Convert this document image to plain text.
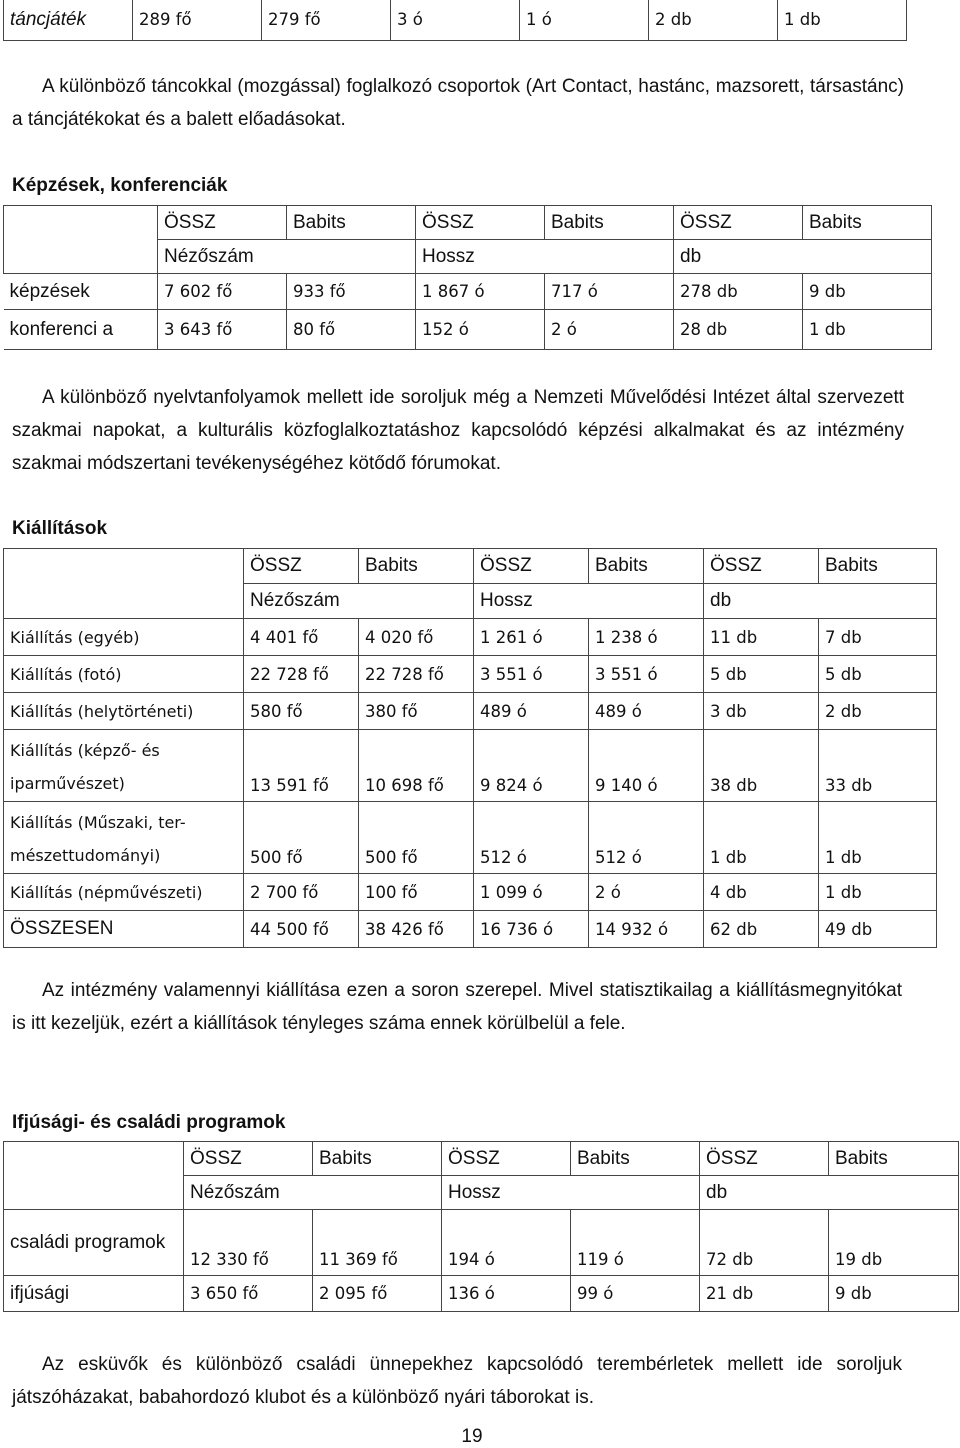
táncjáték	289 fő	279 fő	3 ó	1 ó	2 db	1 db
A különböző táncokkal (mozgással) foglalkozó csoportok (Art Contact, hastánc, mazsorett, társastánc) a táncjátékokat és a balett előadásokat.
Képzések, konferenciák
	ÖSSZ	Babits	ÖSSZ	Babits	ÖSSZ	Babits
	Nézőszám		Hossz		db	
képzések	7 602 fő	933 fő	1 867 ó	717 ó	278 db	9 db
konferenci a	3 643 fő	80 fő	152 ó	2 ó	28 db	1 db
A különböző nyelvtanfolyamok mellett ide soroljuk még a Nemzeti Művelődési Intézet által szervezett szakmai napokat, a kulturális közfoglalkoztatáshoz kapcsolódó képzési alkalmakat és az intézmény szakmai módszertani tevékenységéhez kötődő fórumokat.
Kiállítások
	ÖSSZ	Babits	ÖSSZ	Babits	ÖSSZ	Babits
	Nézőszám		Hossz		db	
Kiállítás (egyéb)	4 401 fő	4 020 fő	1 261 ó	1 238 ó	11 db	7 db
Kiállítás (fotó)	22 728 fő	22 728 fő	3 551 ó	3 551 ó	5 db	5 db
Kiállítás (helytörténeti)	580 fő	380 fő	489 ó	489 ó	3 db	2 db
Kiállítás (képző- és
iparművészet)	13 591 fő	10 698 fő	9 824 ó	9 140 ó	38 db	33 db
Kiállítás (Műszaki, ter-
mészettudományi)	500 fő	500 fő	512 ó	512 ó	1 db	1 db
Kiállítás (népművészeti)	2 700 fő	100 fő	1 099 ó	2 ó	4 db	1 db
ÖSSZESEN	44 500 fő	38 426 fő	16 736 ó	14 932 ó	62 db	49 db
Az intézmény valamennyi kiállítása ezen a soron szerepel. Mivel statisztikailag a kiállításmegnyitókat is itt kezeljük, ezért a kiállítások tényleges száma ennek körülbelül a fele.
Ifjúsági- és családi programok
	ÖSSZ	Babits	ÖSSZ	Babits	ÖSSZ	Babits
	Nézőszám		Hossz		db	
családi programok	12 330 fő	11 369 fő	194 ó	119 ó	72 db	19 db
ifjúsági	3 650 fő	2 095 fő	136 ó	99 ó	21 db	9 db
Az esküvők és különböző családi ünnepekhez kapcsolódó terembérletek mellett ide soroljuk játszóházakat, babahordozó klubot és a különböző nyári táborokat is.
19
